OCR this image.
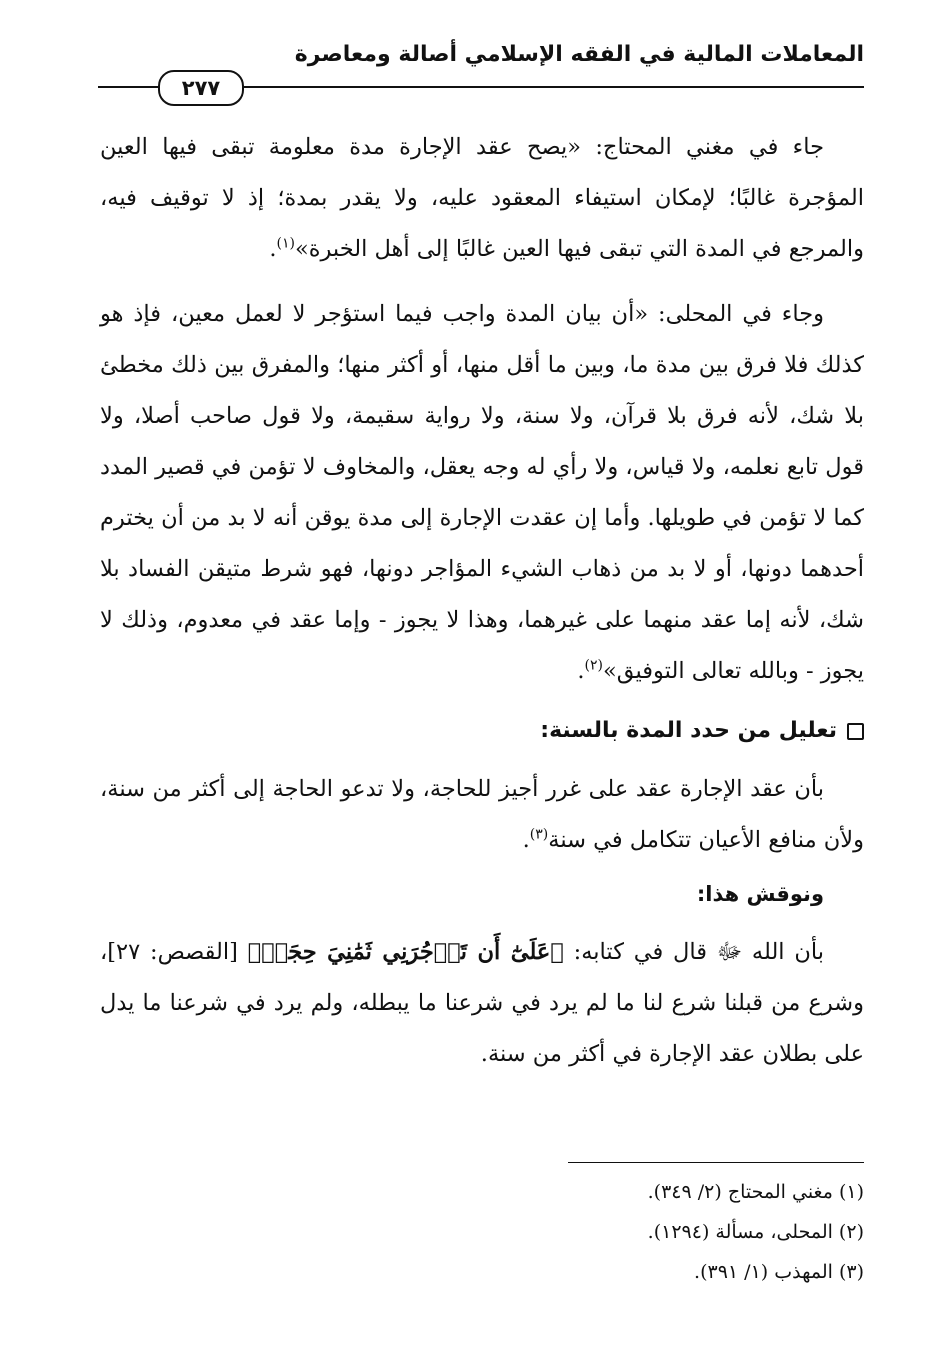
المعاملات المالية في الفقه الإسلامي أصالة ومعاصرة
٢٧٧

جاء في مغني المحتاج: «يصح عقد الإجارة مدة معلومة تبقى فيها العين المؤجرة غالبًا؛ لإمكان استيفاء المعقود عليه، ولا يقدر بمدة؛ إذ لا توقيف فيه، والمرجع في المدة التي تبقى فيها العين غالبًا إلى أهل الخبرة»$^{(١)}$.

وجاء في المحلى: «أن بيان المدة واجب فيما استؤجر لا لعمل معين، فإذ هو كذلك فلا فرق بين مدة ما، وبين ما أقل منها، أو أكثر منها؛ والمفرق بين ذلك مخطئ بلا شك، لأنه فرق بلا قرآن، ولا سنة، ولا رواية سقيمة، ولا قول صاحب أصلا، ولا قول تابع نعلمه، ولا قياس، ولا رأي له وجه يعقل، والمخاوف لا تؤمن في قصير المدد كما لا تؤمن في طويلها. وأما إن عقدت الإجارة إلى مدة يوقن أنه لا بد من أن يخترم أحدهما دونها، أو لا بد من ذهاب الشيء المؤاجر دونها، فهو شرط متيقن الفساد بلا شك، لأنه إما عقد منهما على غيرهما، وهذا لا يجوز - وإما عقد في معدوم، وذلك لا يجوز - وبالله تعالى التوفيق»$^{(٢)}$.

تعليل من حدد المدة بالسنة:

بأن عقد الإجارة عقد على غرر أجيز للحاجة، ولا تدعو الحاجة إلى أكثر من سنة، ولأن منافع الأعيان تتكامل في سنة$^{(٣)}$.

ونوقش هذا:

بأن الله ﷻ قال في كتابه: ﴿عَلَىٰٓ أَن تَأۡجُرَنِي ثَمَٰنِيَ حِجَجٖ﴾ [القصص: ٢٧]، وشرع من قبلنا شرع لنا ما لم يرد في شرعنا ما يبطله، ولم يرد في شرعنا ما يدل على بطلان عقد الإجارة في أكثر من سنة.

(١) مغني المحتاج (٢/ ٣٤٩).
(٢) المحلى، مسألة (١٢٩٤).
(٣) المهذب (١/ ٣٩١).
